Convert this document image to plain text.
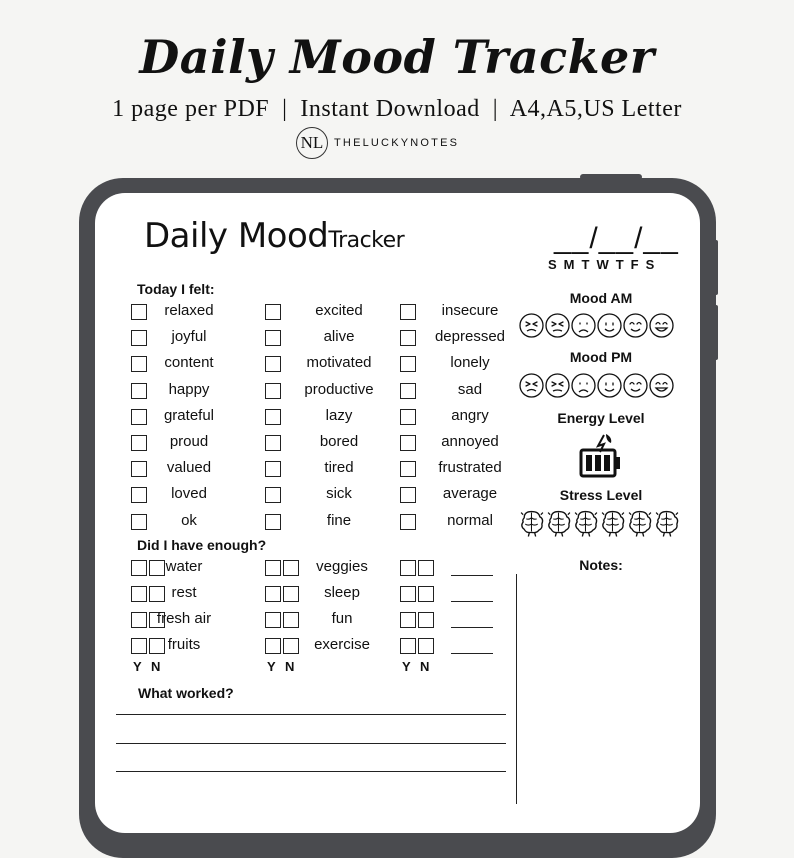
Daily Mood Tracker
1 page per PDF  |  Instant Download  |  A4,A5,US Letter
NL THELUCKYNOTES
Daily MoodTracker
Today I felt:
relaxed	excited	insecure
joyful	alive	depressed
content	motivated	lonely
happy	productive	sad
grateful	lazy	angry
proud	bored	annoyed
valued	tired	frustrated
loved	sick	average
ok	fine	normal
Did I have enough?
water	veggies
rest	sleep
fresh air	fun
fruits	exercise
Y N	Y N	Y N
What worked?
__/__/__
SMTWTFS
Mood AM
Mood PM
Energy Level
Stress Level
Notes:
